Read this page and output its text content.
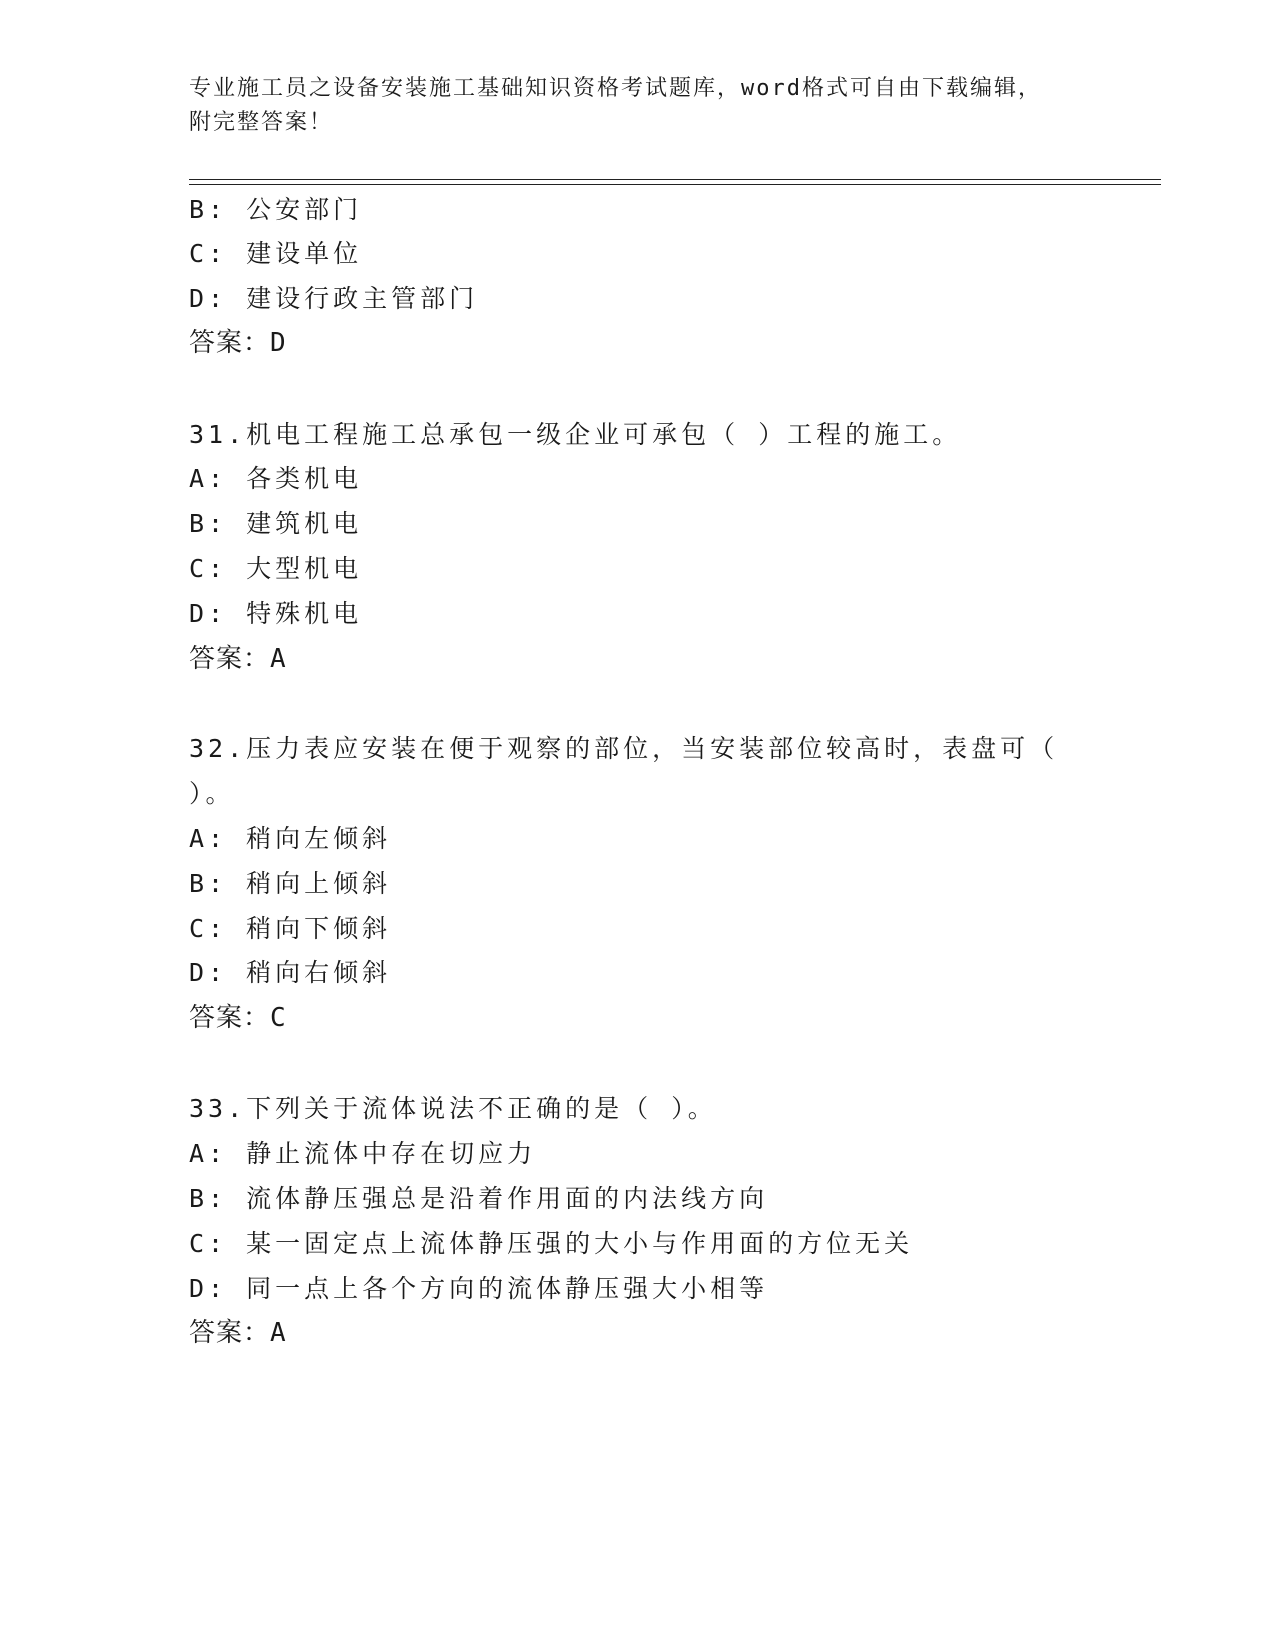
专业施工员之设备安装施工基础知识资格考试题库，word格式可自由下载编辑，
附完整答案！
B: 公安部门
C: 建设单位
D: 建设行政主管部门
答案：D
31.机电工程施工总承包一级企业可承包（ ）工程的施工。
A: 各类机电
B: 建筑机电
C: 大型机电
D: 特殊机电
答案：A
32.压力表应安装在便于观察的部位，当安装部位较高时，表盘可（
）。
A: 稍向左倾斜
B: 稍向上倾斜
C: 稍向下倾斜
D: 稍向右倾斜
答案：C
33.下列关于流体说法不正确的是（ ）。
A: 静止流体中存在切应力
B: 流体静压强总是沿着作用面的内法线方向
C: 某一固定点上流体静压强的大小与作用面的方位无关
D: 同一点上各个方向的流体静压强大小相等
答案：A
